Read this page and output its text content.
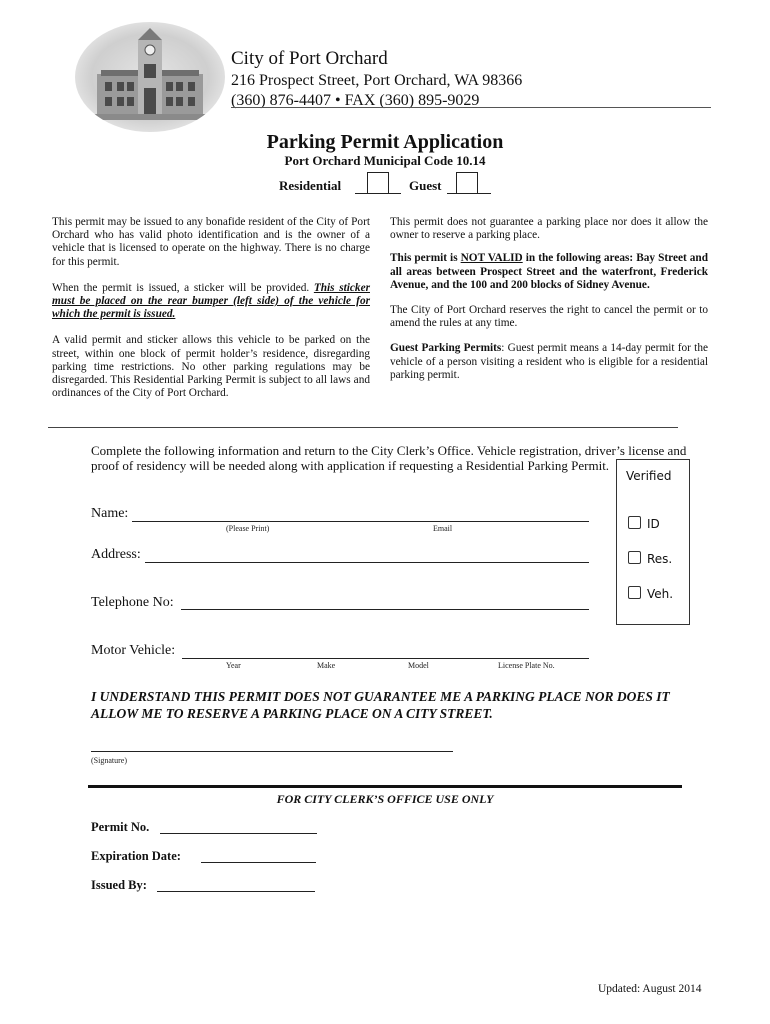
City of Port Orchard
216 Prospect Street, Port Orchard, WA 98366
(360) 876-4407 • FAX (360) 895-9029
Parking Permit Application
Port Orchard Municipal Code 10.14
Residential	Guest

This permit may be issued to any bonafide resident of the City of Port Orchard who has valid photo identification and is the owner of a vehicle that is licensed to operate on the highway. There is no charge for this permit.

When the permit is issued, a sticker will be provided. This sticker must be placed on the rear bumper (left side) of the vehicle for which the permit is issued.

A valid permit and sticker allows this vehicle to be parked on the street, within one block of permit holder’s residence, disregarding parking time restrictions. No other parking regulations may be disregarded. This Residential Parking Permit is subject to all laws and ordinances of the City of Port Orchard.

This permit does not guarantee a parking place nor does it allow the owner to reserve a parking place.

This permit is NOT VALID in the following areas: Bay Street and all areas between Prospect Street and the waterfront, Frederick Avenue, and the 100 and 200 blocks of Sidney Avenue.

The City of Port Orchard reserves the right to cancel the permit or to amend the rules at any time.

Guest Parking Permits: Guest permit means a 14-day permit for the vehicle of a person visiting a resident who is eligible for a residential parking permit.

Complete the following information and return to the City Clerk’s Office. Vehicle registration, driver’s license and proof of residency will be needed along with application if requesting a Residential Parking Permit.
Verified
ID
Res.
Veh.
Name:
(Please Print)	Email
Address:
Telephone No:
Motor Vehicle:
Year	Make	Model	License Plate No.
I UNDERSTAND THIS PERMIT DOES NOT GUARANTEE ME A PARKING PLACE NOR DOES IT ALLOW ME TO RESERVE A PARKING PLACE ON A CITY STREET.
(Signature)
FOR CITY CLERK’S OFFICE USE ONLY
Permit No.
Expiration Date:
Issued By:
Updated: August 2014
